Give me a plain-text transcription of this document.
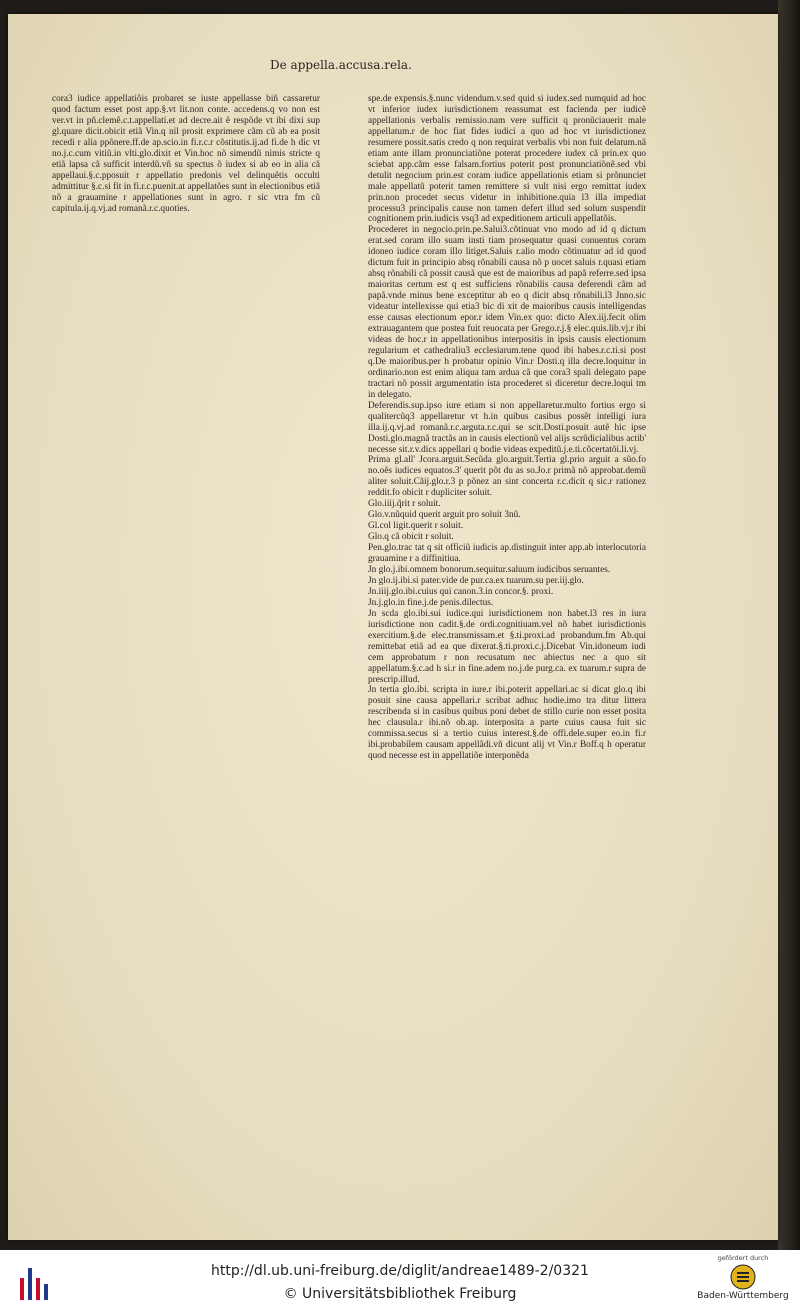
De appella.accusa.rela.

cora3 iudice appellatiõis probaret se iuste appellasse biñ cassaretur quod factum esset post app.§.vt lit.non conte. accedens.q vo non est ver.vt in pñ.clemẽ.c.t.appellati.et ad decre.ait ẽ respõde vt ibi dixi sup gl.quare dicit.obicit etiã Vin.q nil prosit exprimere cãm cũ ab ea posit recedi r alia ppõnere.ff.de ap.scio.in fi.r.c.r cõstitutis.ij.ad fi.de h dic vt no.j.c.cum vitiũ.in vlti.glo.dixit et Vin.hoc nõ simendũ nimis stricte q etiã lapsa cã sufficit interdũ.vñ su spectus õ iudex si ab eo in alia cã appellaui.§.c.pposuit r appellatio predonis vel delinquẽtis occulti admittitur §.c.si fit in fi.r.c.puenit.at appellatões sunt in electionibus etiã nõ a grauamine r appellationes sunt in agro. r sic vtra fm cũ capitula.ij.q.vj.ad romanã.r.c.quoties.

spe.de expensis.§.nunc videndum.v.sed quid si iudex.sed numquid ad hoc vt inferior iudex iurisdictionem reassumat est facienda per iudicẽ appellationis verbalis remissio.nam vere sufficit q pronũciauerit male appellatum.r de hoc fiat fides iudici a quo ad hoc vt iurisdictionez resumere possit.satis credo q non requirat verbalis vbi non fuit delatum.nã etiam ante illam pronunciatiõne poterat procedere iudex cã prin.ex quo sciebat app.cãm esse falsam.fortius poterit post pronunciatiõnẽ.sed vbi detulit negocium prin.est coram iudice appellationis etiam si prõnunciet male appellatũ poterit tamen remittere si vult nisi ergo remittat iudex prin.non procedet secus videtur in inhibitione.quia l3 illa impediat processu3 principalis cause non tamen defert illud sed solum suspendit cognitionem prin.iudicis vsq3 ad expeditionem articuli appellatõis.

Procederet in negocio.prin.pe.Salui3.cõtinuat vno modo ad id q dictum erat.sed coram illo suam insti tiam prosequatur quasi conuentus coram idoneo iudice coram illo litiget.Saluis r.alio modo cõtinuatur ad id quod dictum fuit in principio absq rõnabili causa nõ p uocet saluis r.quasi etiam absq rõnabili cã possit causã que est de maioribus ad papã referre.sed ipsa maioritas certum est q est sufficiens rõnabilis causa deferendi cãm ad papã.vnde minus bene exceptitur ab eo q dicit absq rõnabili.l3 Jnno.sic videatur intellexisse qui etia3 bic di xit de maioribus causis intelligendas esse causas electionum epor.r idem Vin.ex quo: dicto Alex.iij.fecit olim extrauagantem que postea fuit reuocata per Grego.r.j.§ elec.quis.lib.vj.r ibi videas de hoc.r in appellationibus interpositis in ipsis causis electionum regularium et cathedraliu3 ecclesiarum.tene quod ibi habes.r.c.ti.si post q.De maioribus.per h probatur opinio Vin.r Dosti.q illa decre.loquitur in ordinario.non est enim aliqua tam ardua cã que cora3 spali delegato pape tractari nõ possit argumentatio ista procederet si diceretur decre.loqui tm in delegato.

Deferendis.sup.ipso iure etiam si non appellaretur.multo fortius ergo si qualitercũq3 appellaretur vt h.in quibus casibus possẽt intelligi iura illa.ij.q.vj.ad romanã.r.c.arguta.r.c.qui se scit.Dosti.posuit autẽ hic ipse Dosti.glo.magnã tractãs an in causis electionũ vel alijs scrũdicialibus actib' necesse sit.r.v.dics appellari q bodie videas expeditũ.j.e.ti.cõcertatõi.li.vj.

Prima gl.all' Jcora.arguit.Secũda glo.arguit.Tertia gl.prio arguit a sũo.fo no.oẽs iudices equatos.3' querit põt du as so.Jo.r primã nõ approbat.demũ aliter soluit.Cãij.glo.r.3 p põnez an sint concerta r.c.dicit q sic.r rationez reddit.fo obicit r dupliciter soluit.

Glo.iiij.q̃rit r soluit.

Glo.v.nũquid querit arguit pro soluit 3nũ.

Gl.col ligit.querit r soluit.

Glo.q cã obicit r soluit.

Pen.glo.trac tat q sit officiũ iudicis ap.distinguit inter app.ab interlocutoria grauamine r a diffinitiua.

Jn glo.j.ibi.omnem bonorum.sequitur.saluum iudicibus seruantes.

Jn glo.ij.ibi.si pater.vide de pur.ca.ex tuarum.su per.iij.glo.

Jn.iiij.glo.ibi.cuius qui canon.3.in concor.§. proxi.

Jn.j.glo.in fine.j.de penis.dilectus.

Jn scda glo.ibi.sui iudice.qui iurisdictionem non habet.l3 res in iura iurisdictione non cadit.§.de ordi.cognitiuam.vel nõ habet iurisdictionis exercitium.§.de elec.transmissam.et §.ti.proxi.ad probandum.fm Ab.qui remittebat etiã ad ea que dixerat.§.ti.proxi.c.j.Dicebat Vin.idoneum iudi cem approbatum r non recusatum nec abiectus nec a quo sit appellatum.§.c.ad h si.r in fine.adem no.j.de purg.ca. ex tuarum.r supra de prescrip.illud.

Jn tertia glo.ibi. scripta in iure.r ibi.poterit appellari.ac si dicat glo.q ibi posuit sine causa appellari.r scribat adhuc hodie.imo tra ditur littera rescribenda si in casibus quibus poni debet de stillo curie non esset posita hec clausula.r ibi.nõ ob.ap. interposita a parte cuius causa fuit sic commissa.secus si a tertio cuius interest.§.de offi.dele.super eo.in fi.r ibi.probabilem causam appellãdi.vñ dicunt alij vt Vin.r Boff.q h operatur quod necesse est in appellatiõe interponẽda

http://dl.ub.uni-freiburg.de/diglit/andreae1489-2/0321
© Universitätsbibliothek Freiburg
gefördert durch
Baden-Württemberg
